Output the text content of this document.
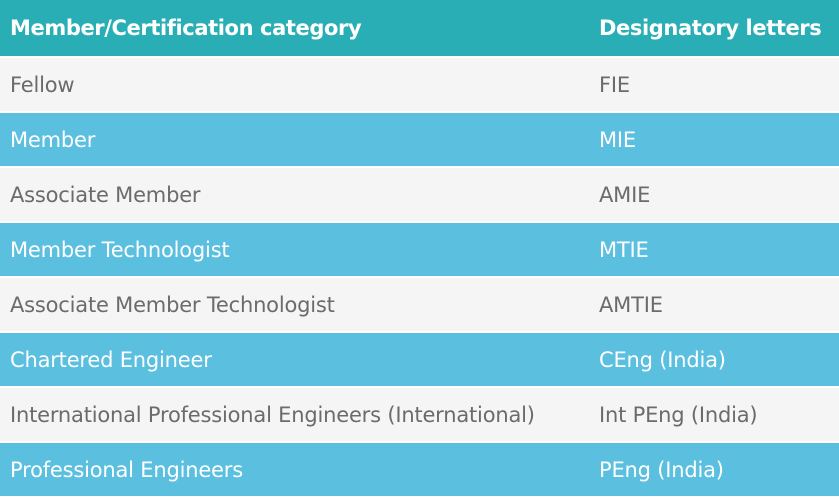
Member/Certification category	Designatory letters
Fellow	FIE
Member	MIE
Associate Member	AMIE
Member Technologist	MTIE
Associate Member Technologist	AMTIE
Chartered Engineer	CEng (India)
International Professional Engineers (International)	Int PEng (India)
Professional Engineers	PEng (India)
